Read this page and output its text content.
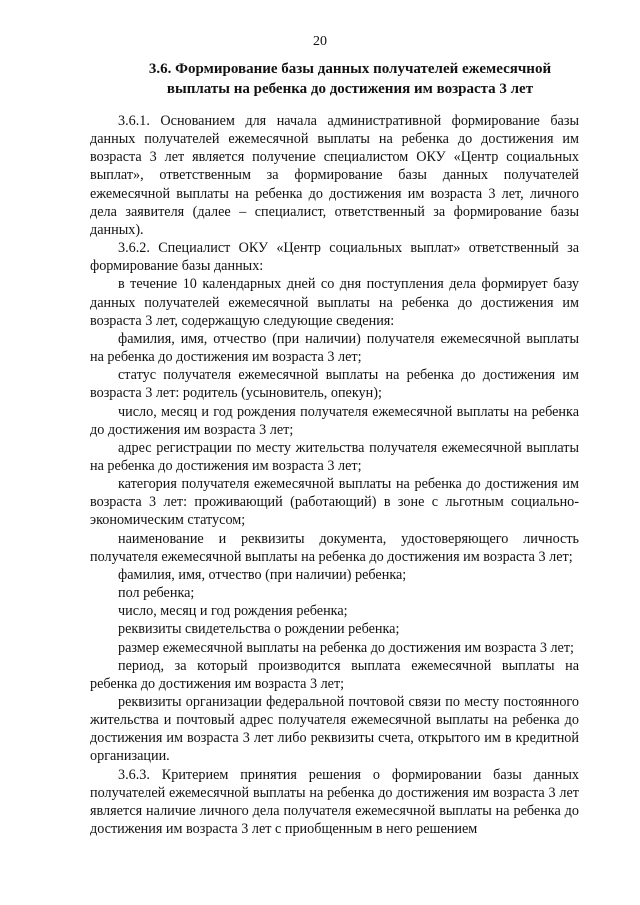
20
3.6. Формирование базы данных получателей ежемесячной выплаты на ребенка до достижения им возраста 3 лет

3.6.1. Основанием для начала административной формирование базы данных получателей ежемесячной выплаты на ребенка до достижения им возраста 3 лет является получение специалистом ОКУ «Центр социальных выплат», ответственным за формирование базы данных получателей ежемесячной выплаты на ребенка до достижения им возраста 3 лет, личного дела заявителя (далее – специалист, ответственный за формирование базы данных).

3.6.2. Специалист ОКУ «Центр социальных выплат» ответственный за формирование базы данных:

в течение 10 календарных дней со дня поступления дела формирует базу данных получателей ежемесячной выплаты на ребенка до достижения им возраста 3 лет, содержащую следующие сведения:

фамилия, имя, отчество (при наличии) получателя ежемесячной выплаты на ребенка до достижения им возраста 3 лет;

статус получателя ежемесячной выплаты на ребенка до достижения им возраста 3 лет: родитель (усыновитель, опекун);

число, месяц и год рождения получателя ежемесячной выплаты на ребенка до достижения им возраста 3 лет;

адрес регистрации по месту жительства получателя ежемесячной выплаты на ребенка до достижения им возраста 3 лет;

категория получателя ежемесячной выплаты на ребенка до достижения им возраста 3 лет: проживающий (работающий) в зоне с льготным социально-экономическим статусом;

наименование и реквизиты документа, удостоверяющего личность получателя ежемесячной выплаты на ребенка до достижения им возраста 3 лет;

фамилия, имя, отчество (при наличии) ребенка;

пол ребенка;

число, месяц и год рождения ребенка;

реквизиты свидетельства о рождении ребенка;

размер ежемесячной выплаты на ребенка до достижения им возраста 3 лет;

период, за который производится выплата ежемесячной выплаты на ребенка до достижения им возраста 3 лет;

реквизиты организации федеральной почтовой связи по месту постоянного жительства и почтовый адрес получателя ежемесячной выплаты на ребенка до достижения им возраста 3 лет либо реквизиты счета, открытого им в кредитной организации.

3.6.3. Критерием принятия решения о формировании базы данных получателей ежемесячной выплаты на ребенка до достижения им возраста 3 лет является наличие личного дела получателя ежемесячной выплаты на ребенка до достижения им возраста 3 лет с приобщенным в него решением
